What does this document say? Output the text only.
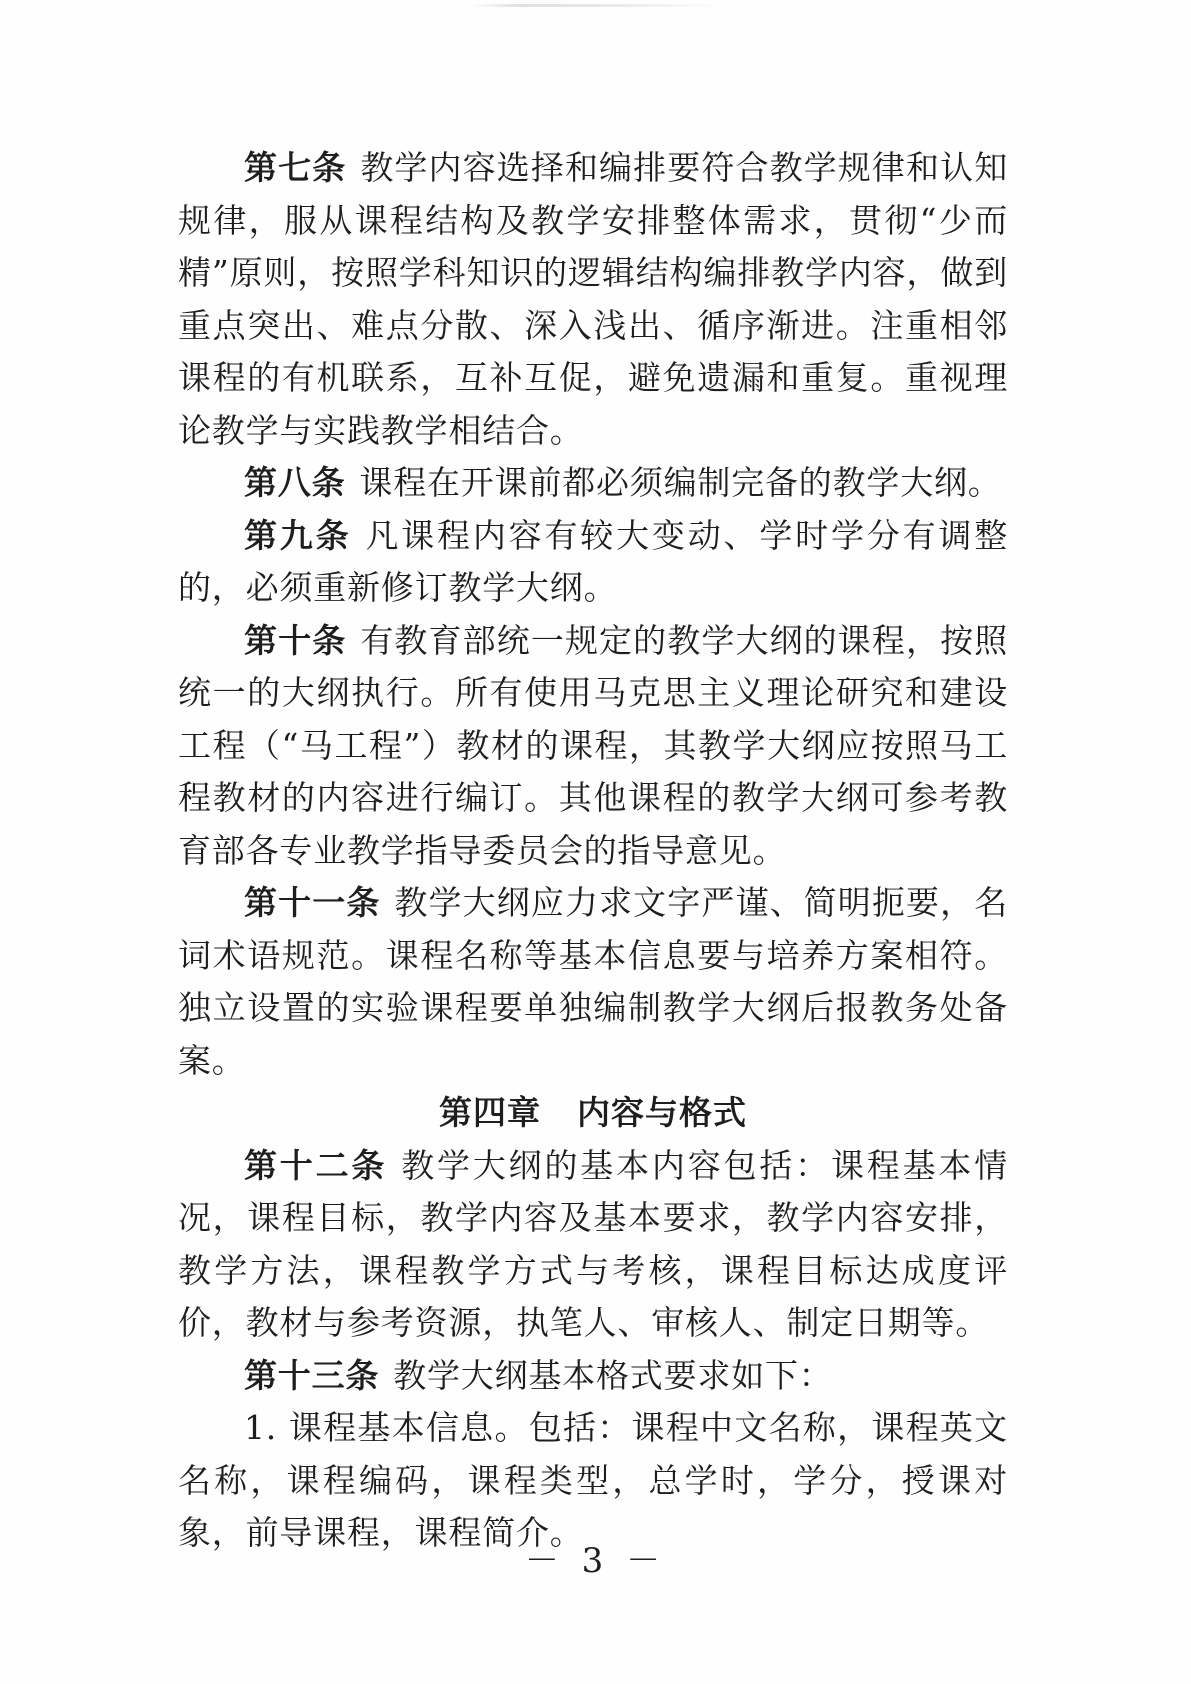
第七条 教学内容选择和编排要符合教学规律和认知规律，服从课程结构及教学安排整体需求，贯彻“少而精”原则，按照学科知识的逻辑结构编排教学内容，做到重点突出、难点分散、深入浅出、循序渐进。注重相邻课程的有机联系，互补互促，避免遗漏和重复。重视理论教学与实践教学相结合。

第八条 课程在开课前都必须编制完备的教学大纲。

第九条 凡课程内容有较大变动、学时学分有调整的，必须重新修订教学大纲。

第十条 有教育部统一规定的教学大纲的课程，按照统一的大纲执行。所有使用马克思主义理论研究和建设工程（“马工程”）教材的课程，其教学大纲应按照马工程教材的内容进行编订。其他课程的教学大纲可参考教育部各专业教学指导委员会的指导意见。

第十一条 教学大纲应力求文字严谨、简明扼要，名词术语规范。课程名称等基本信息要与培养方案相符。独立设置的实验课程要单独编制教学大纲后报教务处备案。

第四章 内容与格式

第十二条 教学大纲的基本内容包括：课程基本情况，课程目标，教学内容及基本要求，教学内容安排，教学方法，课程教学方式与考核，课程目标达成度评价，教材与参考资源，执笔人、审核人、制定日期等。

第十三条 教学大纲基本格式要求如下：

1. 课程基本信息。包括：课程中文名称，课程英文名称，课程编码，课程类型，总学时，学分，授课对象，前导课程，课程简介。

－ 3 －
